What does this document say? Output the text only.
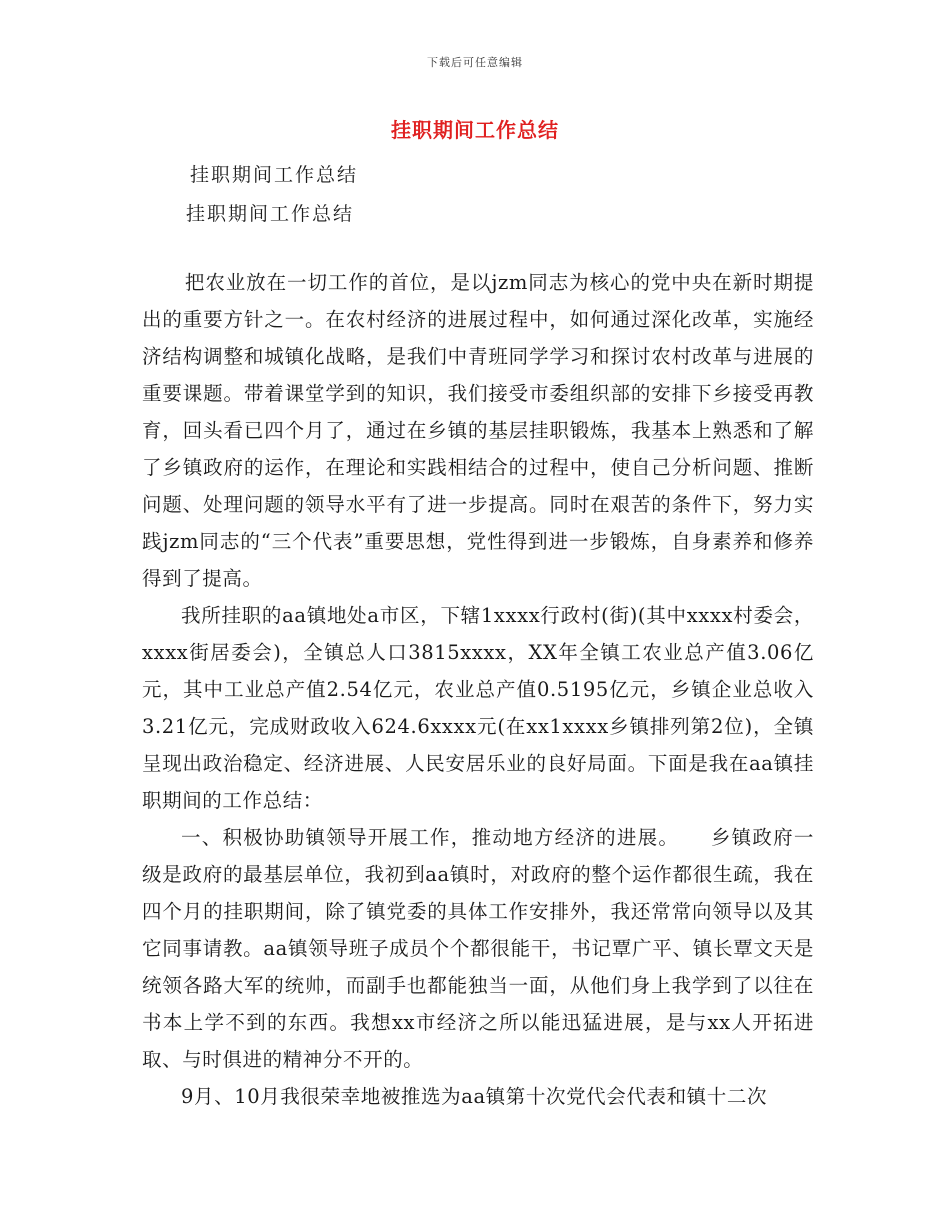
下载后可任意编辑
挂职期间工作总结
挂职期间工作总结
挂职期间工作总结

把农业放在一切工作的首位，是以jzm同志为核心的党中央在新时期提出的重要方针之一。在农村经济的进展过程中，如何通过深化改革，实施经济结构调整和城镇化战略，是我们中青班同学学习和探讨农村改革与进展的重要课题。带着课堂学到的知识，我们接受市委组织部的安排下乡接受再教育，回头看已四个月了，通过在乡镇的基层挂职锻炼，我基本上熟悉和了解了乡镇政府的运作，在理论和实践相结合的过程中，使自己分析问题、推断问题、处理问题的领导水平有了进一步提高。同时在艰苦的条件下，努力实践jzm同志的“三个代表”重要思想，党性得到进一步锻炼，自身素养和修养得到了提高。

我所挂职的aa镇地处a市区，下辖1xxxx行政村(街)(其中xxxx村委会，xxxx街居委会)，全镇总人口3815xxxx，XX年全镇工农业总产值3.06亿元，其中工业总产值2.54亿元，农业总产值0.5195亿元，乡镇企业总收入3.21亿元，完成财政收入624.6xxxx元(在xx1xxxx乡镇排列第2位)，全镇呈现出政治稳定、经济进展、人民安居乐业的良好局面。下面是我在aa镇挂职期间的工作总结：

一、积极协助镇领导开展工作，推动地方经济的进展。　　乡镇政府一级是政府的最基层单位，我初到aa镇时，对政府的整个运作都很生疏，我在四个月的挂职期间，除了镇党委的具体工作安排外，我还常常向领导以及其它同事请教。aa镇领导班子成员个个都很能干，书记覃广平、镇长覃文天是统领各路大军的统帅，而副手也都能独当一面，从他们身上我学到了以往在书本上学不到的东西。我想xx市经济之所以能迅猛进展，是与xx人开拓进取、与时俱进的精神分不开的。

9月、10月我很荣幸地被推选为aa镇第十次党代会代表和镇十二次
